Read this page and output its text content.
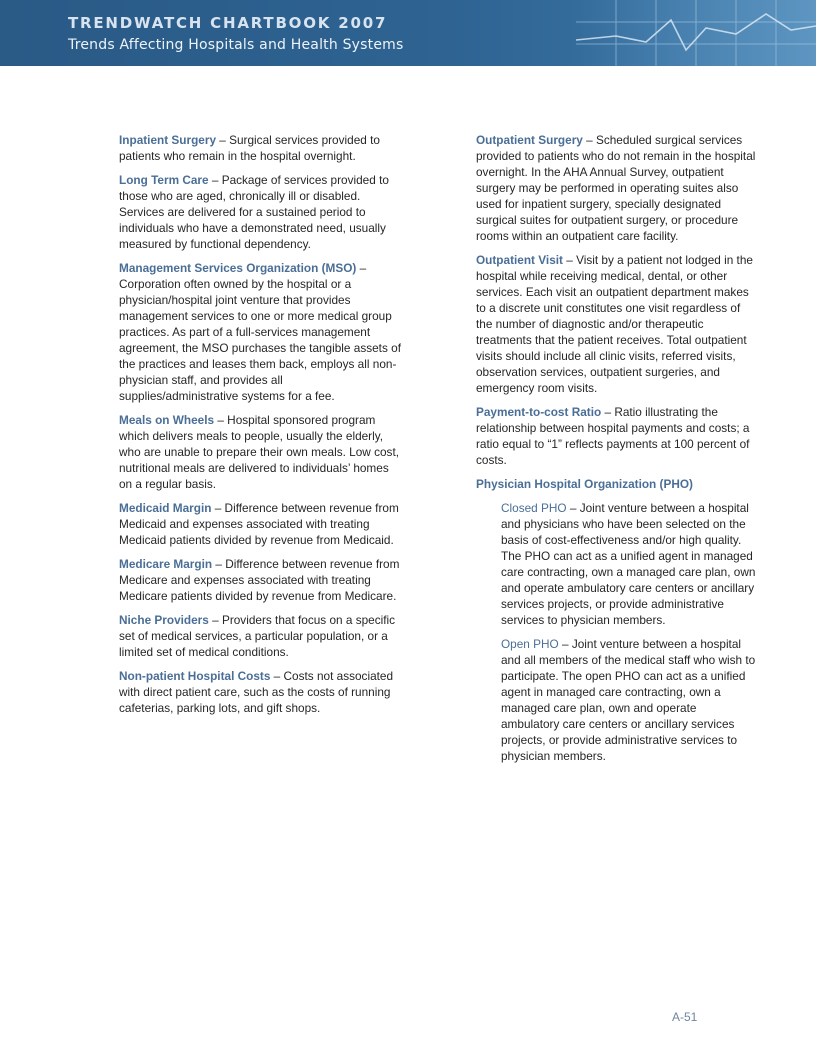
TRENDWATCH CHARTBOOK 2007
Trends Affecting Hospitals and Health Systems

Inpatient Surgery – Surgical services provided to patients who remain in the hospital overnight.

Long Term Care – Package of services provided to those who are aged, chronically ill or disabled. Services are delivered for a sustained period to individuals who have a demonstrated need, usually measured by functional dependency.

Management Services Organization (MSO) – Corporation often owned by the hospital or a physician/hospital joint venture that provides management services to one or more medical group practices. As part of a full-services management agreement, the MSO purchases the tangible assets of the practices and leases them back, employs all non-physician staff, and provides all supplies/administrative systems for a fee.

Meals on Wheels – Hospital sponsored program which delivers meals to people, usually the elderly, who are unable to prepare their own meals. Low cost, nutritional meals are delivered to individuals’ homes on a regular basis.

Medicaid Margin – Difference between revenue from Medicaid and expenses associated with treating Medicaid patients divided by revenue from Medicaid.

Medicare Margin – Difference between revenue from Medicare and expenses associated with treating Medicare patients divided by revenue from Medicare.

Niche Providers – Providers that focus on a specific set of medical services, a particular population, or a limited set of medical conditions.

Non-patient Hospital Costs – Costs not associated with direct patient care, such as the costs of running cafeterias, parking lots, and gift shops.

Outpatient Surgery – Scheduled surgical services provided to patients who do not remain in the hospital overnight. In the AHA Annual Survey, outpatient surgery may be performed in operating suites also used for inpatient surgery, specially designated surgical suites for outpatient surgery, or procedure rooms within an outpatient care facility.

Outpatient Visit – Visit by a patient not lodged in the hospital while receiving medical, dental, or other services. Each visit an outpatient department makes to a discrete unit constitutes one visit regardless of the number of diagnostic and/or therapeutic treatments that the patient receives. Total outpatient visits should include all clinic visits, referred visits, observation services, outpatient surgeries, and emergency room visits.

Payment-to-cost Ratio – Ratio illustrating the relationship between hospital payments and costs; a ratio equal to “1” reflects payments at 100 percent of costs.

Physician Hospital Organization (PHO)

Closed PHO – Joint venture between a hospital and physicians who have been selected on the basis of cost-effectiveness and/or high quality. The PHO can act as a unified agent in managed care contracting, own a managed care plan, own and operate ambulatory care centers or ancillary services projects, or provide administrative services to physician members.

Open PHO – Joint venture between a hospital and all members of the medical staff who wish to participate. The open PHO can act as a unified agent in managed care contracting, own a managed care plan, own and operate ambulatory care centers or ancillary services projects, or provide administrative services to physician members.

A-51
